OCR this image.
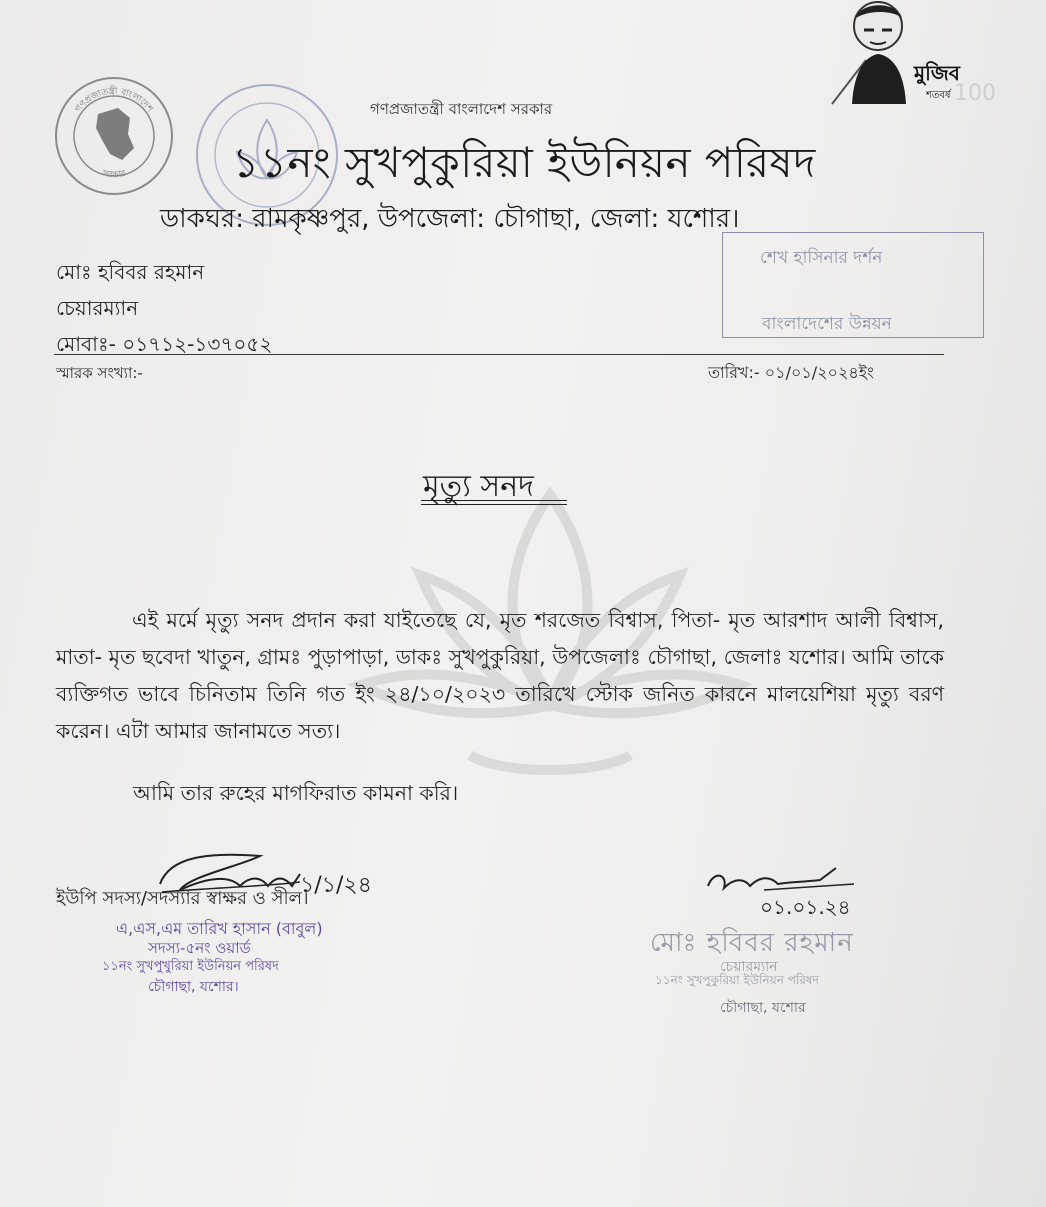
গণপ্রজাতন্ত্রী বাংলাদেশ
সরকার
মুজিব
শতবর্ষ 100
গণপ্রজাতন্ত্রী বাংলাদেশ সরকার
১১নং সুখপুকুরিয়া ইউনিয়ন পরিষদ
ডাকঘর: রামকৃষ্ণপুর, উপজেলা: চৌগাছা, জেলা: যশোর।
মোঃ হবিবর রহমান
চেয়ারম্যান
মোবাঃ- ০১৭১২-১৩৭০৫২
শেখ হাসিনার দর্শন
বাংলাদেশের উন্নয়ন
স্মারক সংখ্যা:-	তারিখ:- ০১/০১/২০২৪ইং
মৃত্যু সনদ
এই মর্মে মৃত্যু সনদ প্রদান করা যাইতেছে যে, মৃত শরজেত বিশ্বাস, পিতা- মৃত আরশাদ আলী বিশ্বাস, মাতা- মৃত ছবেদা খাতুন, গ্রামঃ পুড়াপাড়া, ডাকঃ সুখপুকুরিয়া, উপজেলাঃ চৌগাছা, জেলাঃ যশোর। আমি তাকে ব্যক্তিগত ভাবে চিনিতাম তিনি গত ইং ২৪/১০/২০২৩ তারিখে স্টোক জনিত কারনে মালয়েশিয়া মৃত্যু বরণ করেন। এটা আমার জানামতে সত্য।
আমি তার রুহের মাগফিরাত কামনা করি।
১/১/২৪
ইউপি সদস্য/সদস্যার স্বাক্ষর ও সীল।
এ,এস,এম তারিখ হাসান (বাবুল)
সদস্য-৫নং ওয়ার্ড
১১নং সুখপুখুরিয়া ইউনিয়ন পরিষদ
চৌগাছা, যশোর।
০১.০১.২৪
মোঃ হবিবর রহমান
চেয়ারম্যান
১১নং সুখপুকুরিয়া ইউনিয়ন পরিষদ
চৌগাছা, যশোর
